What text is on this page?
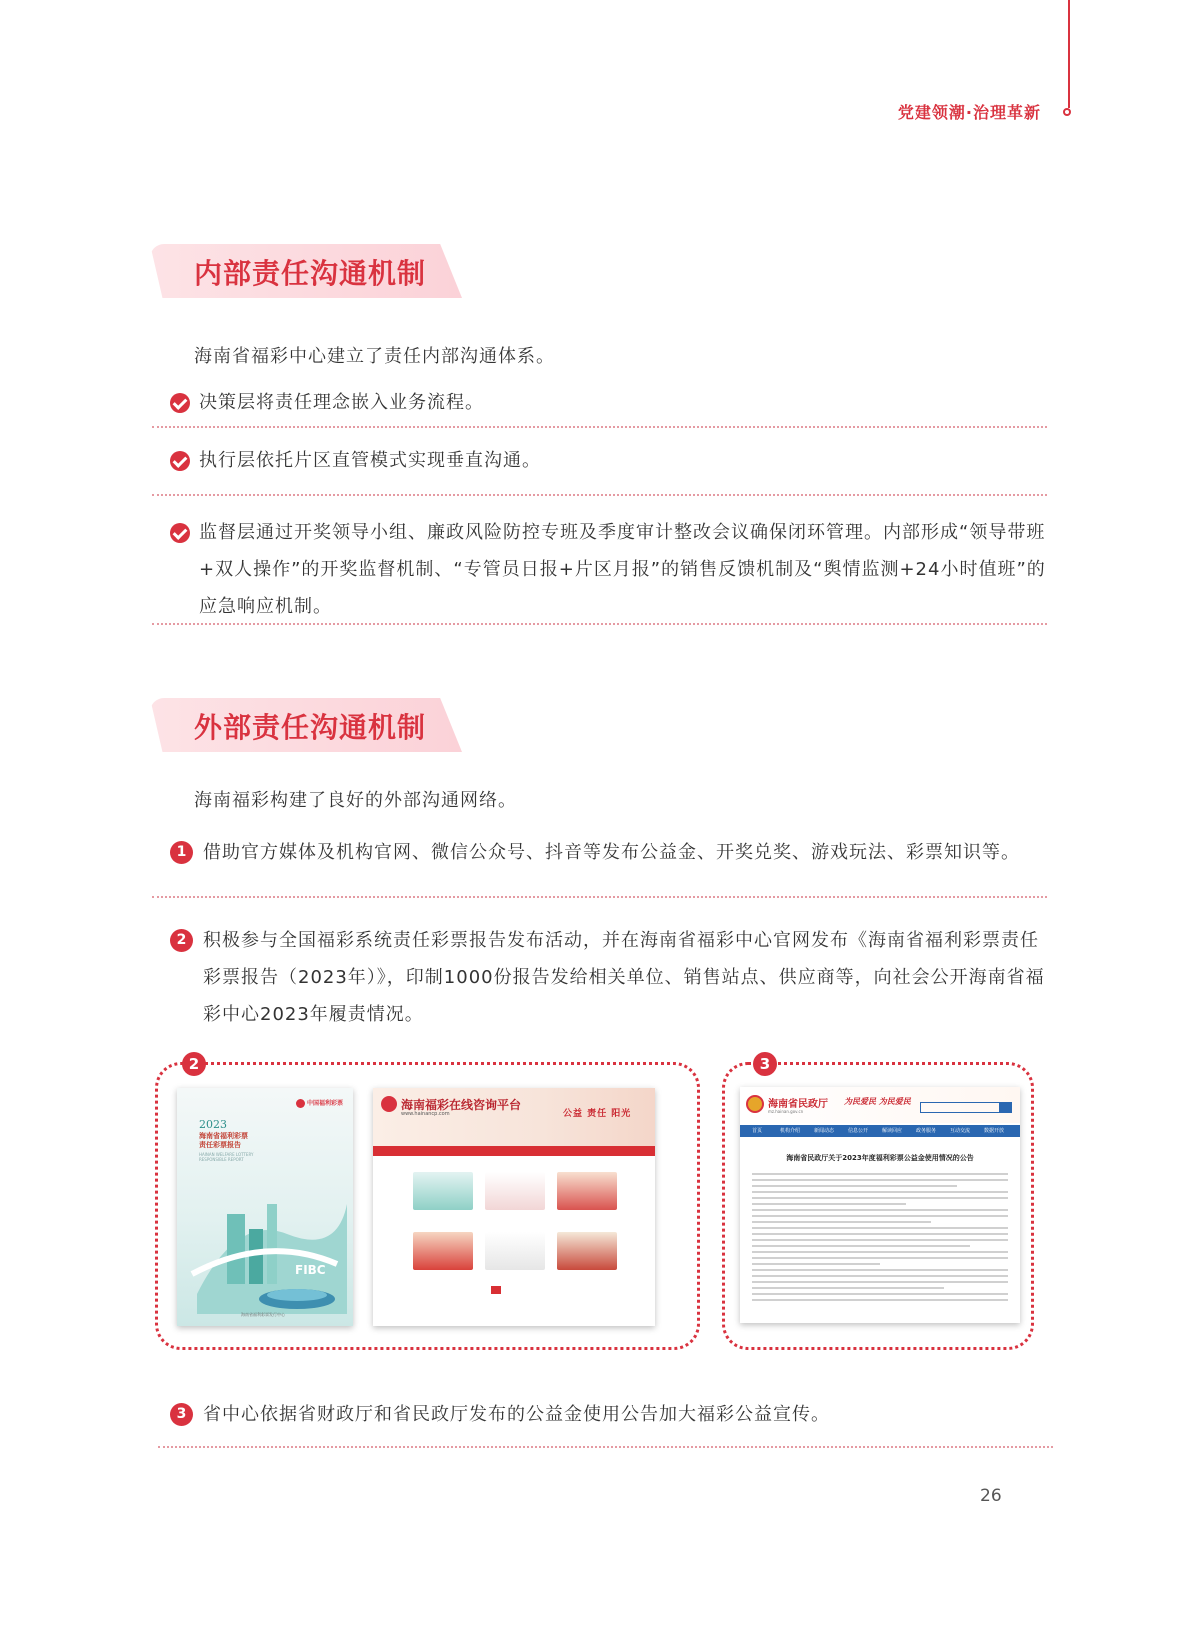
党建领潮·治理革新
内部责任沟通机制
海南省福彩中心建立了责任内部沟通体系。
决策层将责任理念嵌入业务流程。
执行层依托片区直管模式实现垂直沟通。
监督层通过开奖领导小组、廉政风险防控专班及季度审计整改会议确保闭环管理。内部形成“领导带班+双人操作”的开奖监督机制、“专管员日报+片区月报”的销售反馈机制及“舆情监测+24小时值班”的应急响应机制。
外部责任沟通机制
海南福彩构建了良好的外部沟通网络。
1 借助官方媒体及机构官网、微信公众号、抖音等发布公益金、开奖兑奖、游戏玩法、彩票知识等。
2 积极参与全国福彩系统责任彩票报告发布活动，并在海南省福彩中心官网发布《海南省福利彩票责任彩票报告（2023年）》，印制1000份报告发给相关单位、销售站点、供应商等，向社会公开海南省福彩中心2023年履责情况。
2
中国福利彩票
2023
海南省福利彩票
责任彩票报告
HAINAN WELFARE LOTTERY
RESPONSIBLE REPORT
FIBC
海南省福利彩票发行中心
海南福彩在线咨询平台
www.hainancp.com	公益 责任 阳光
3
海南省民政厅 为民爱民 为民爱民
mz.hainan.gov.cn
首页	机构介绍	新闻动态	信息公开	解读回应	政务服务	互动交流	数据开放
海南省民政厅关于2023年度福利彩票公益金使用情况的公告
3 省中心依据省财政厅和省民政厅发布的公益金使用公告加大福彩公益宣传。
26
